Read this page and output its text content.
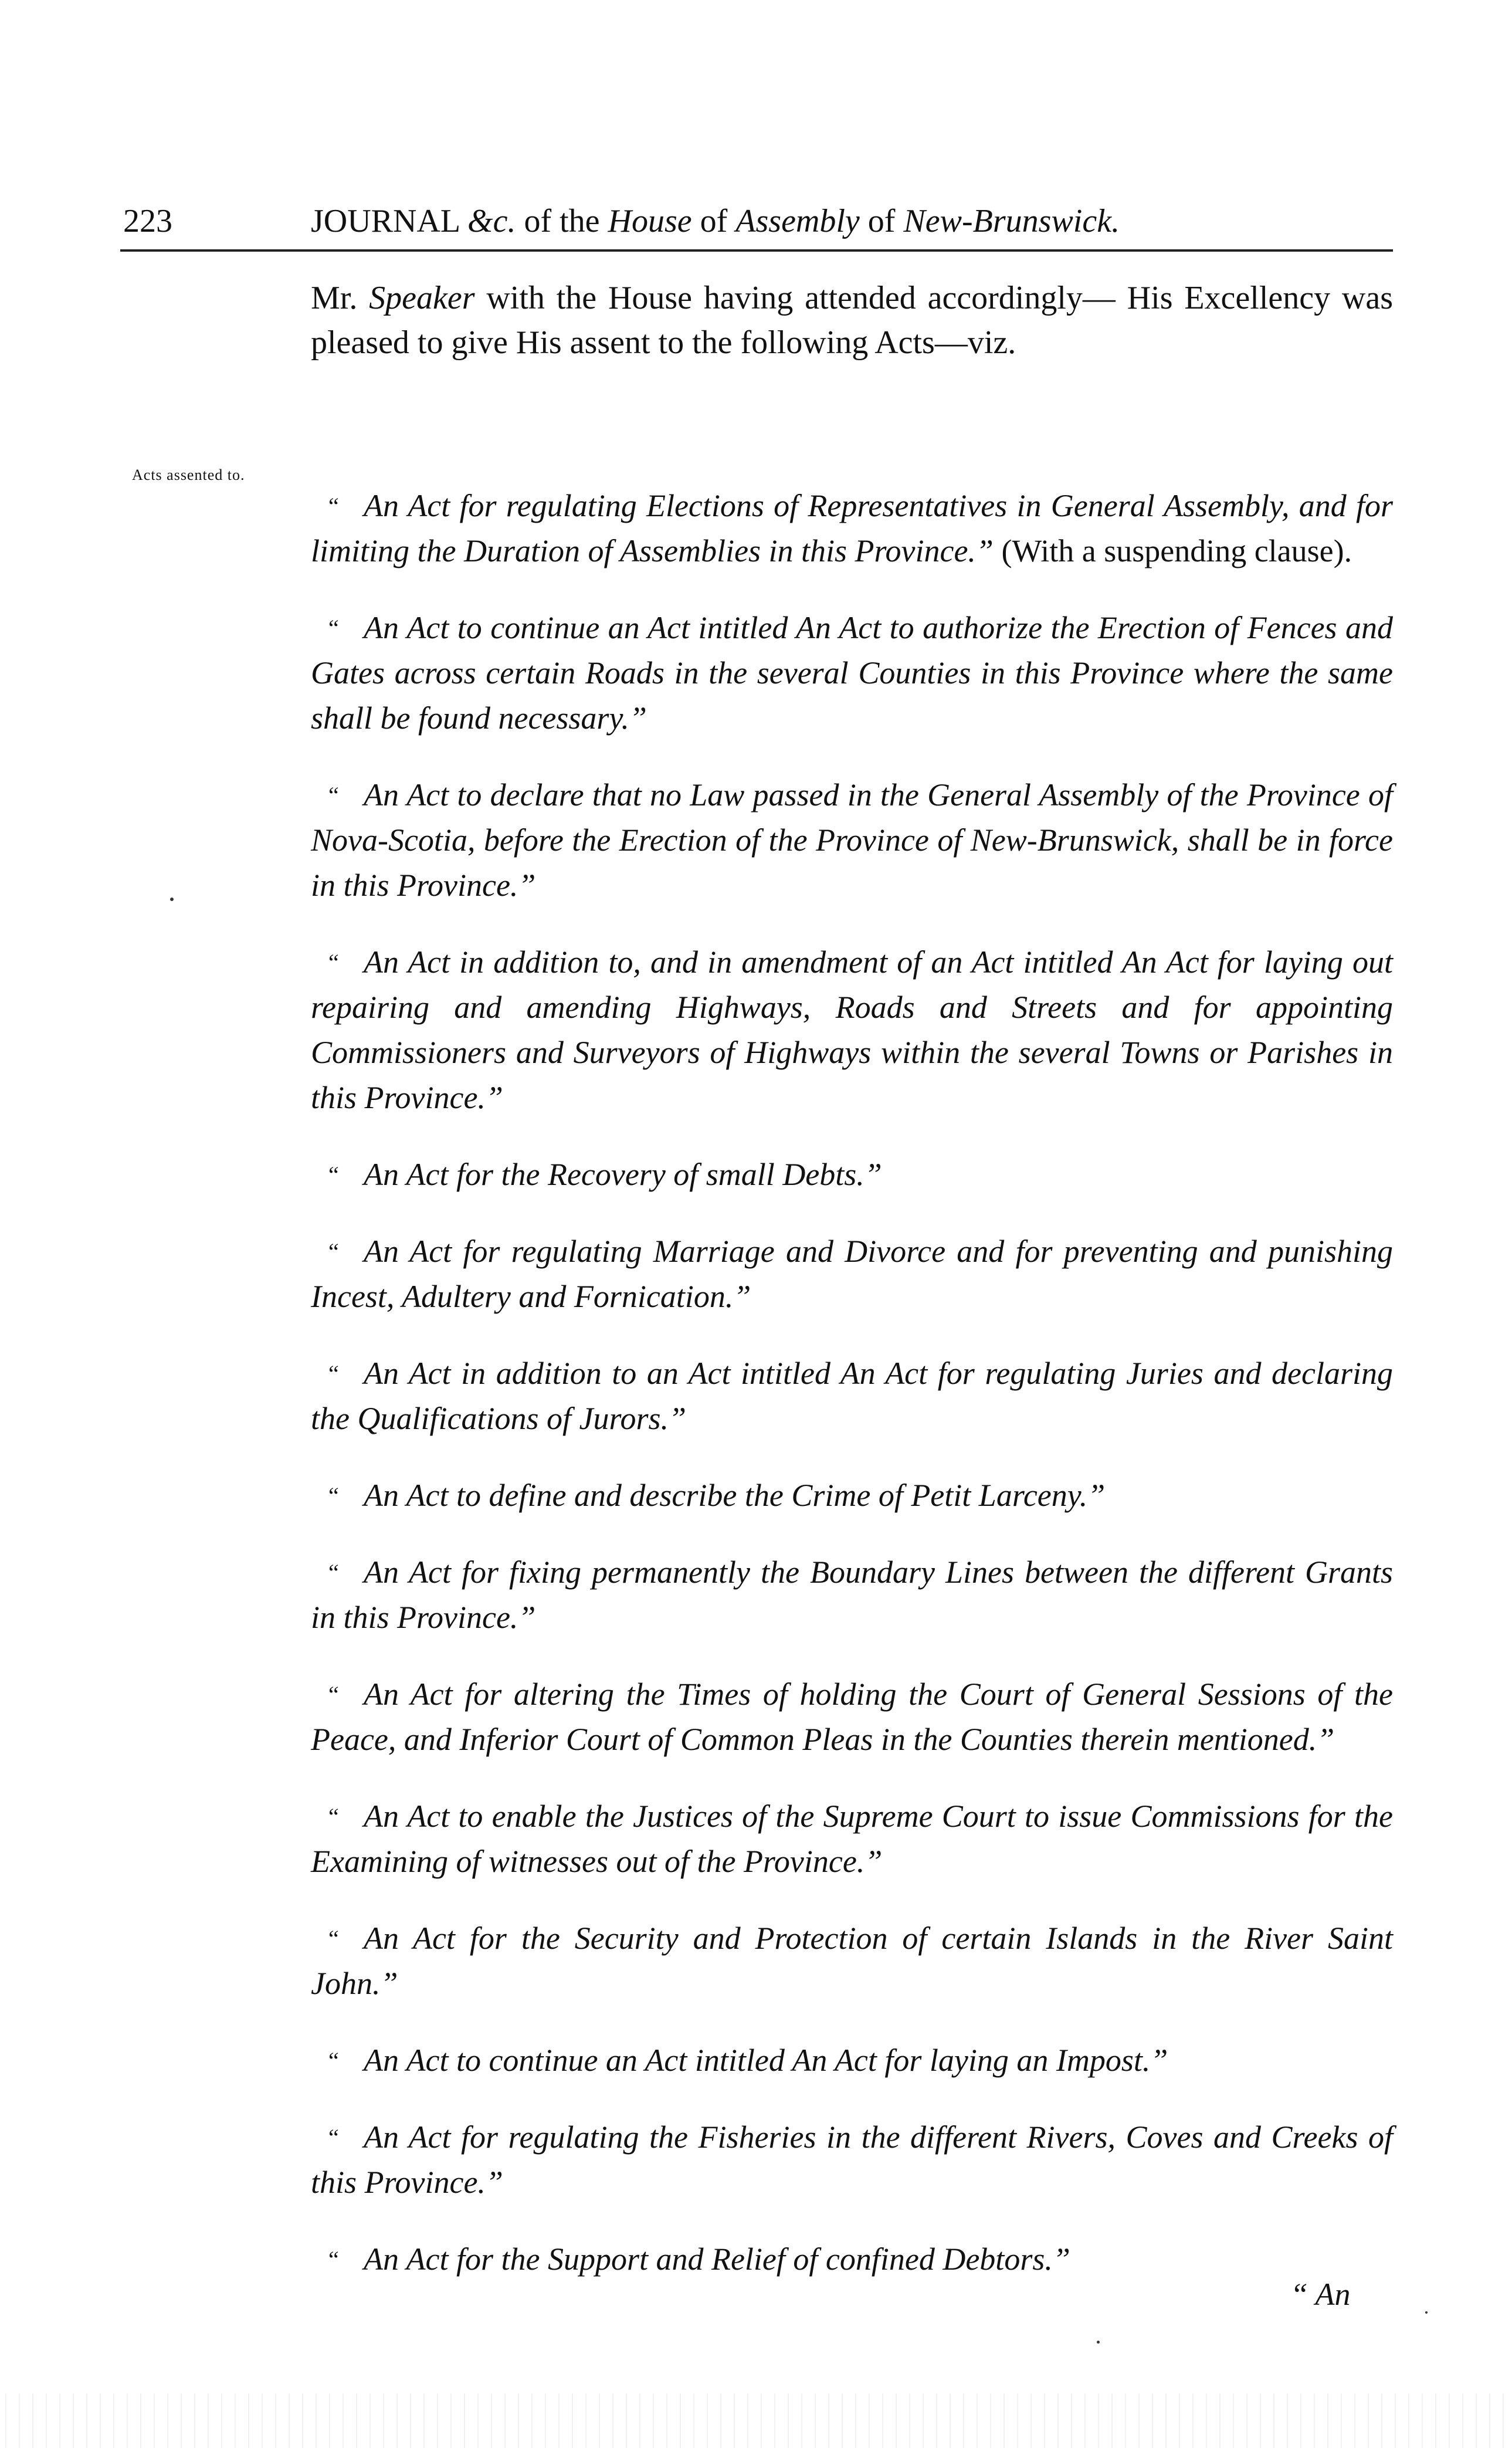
223	JOURNAL &c. of the House of Assembly of New-Brunswick.
Mr. Speaker with the House having attended accordingly— His Excellency was pleased to give His assent to the following Acts—viz.
Acts assented to.

“ An Act for regulating Elections of Representatives in General Assembly, and for limiting the Duration of Assemblies in this Province.” (With a suspending clause).

“ An Act to continue an Act intitled An Act to authorize the Erection of Fences and Gates across certain Roads in the several Counties in this Province where the same shall be found necessary.”

“ An Act to declare that no Law passed in the General Assembly of the Province of Nova-Scotia, before the Erection of the Province of New-Brunswick, shall be in force in this Province.”

“ An Act in addition to, and in amendment of an Act intitled An Act for laying out repairing and amending Highways, Roads and Streets and for appointing Commissioners and Surveyors of Highways within the several Towns or Parishes in this Province.”

“ An Act for the Recovery of small Debts.”

“ An Act for regulating Marriage and Divorce and for preventing and punishing Incest, Adultery and Fornication.”

“ An Act in addition to an Act intitled An Act for regulating Juries and declaring the Qualifications of Jurors.”

“ An Act to define and describe the Crime of Petit Larceny.”

“ An Act for fixing permanently the Boundary Lines between the different Grants in this Province.”

“ An Act for altering the Times of holding the Court of General Sessions of the Peace, and Inferior Court of Common Pleas in the Counties therein mentioned.”

“ An Act to enable the Justices of the Supreme Court to issue Commissions for the Examining of witnesses out of the Province.”

“ An Act for the Security and Protection of certain Islands in the River Saint John.”

“ An Act to continue an Act intitled An Act for laying an Impost.”

“ An Act for regulating the Fisheries in the different Rivers, Coves and Creeks of this Province.”

“ An Act for the Support and Relief of confined Debtors.”

“ An
